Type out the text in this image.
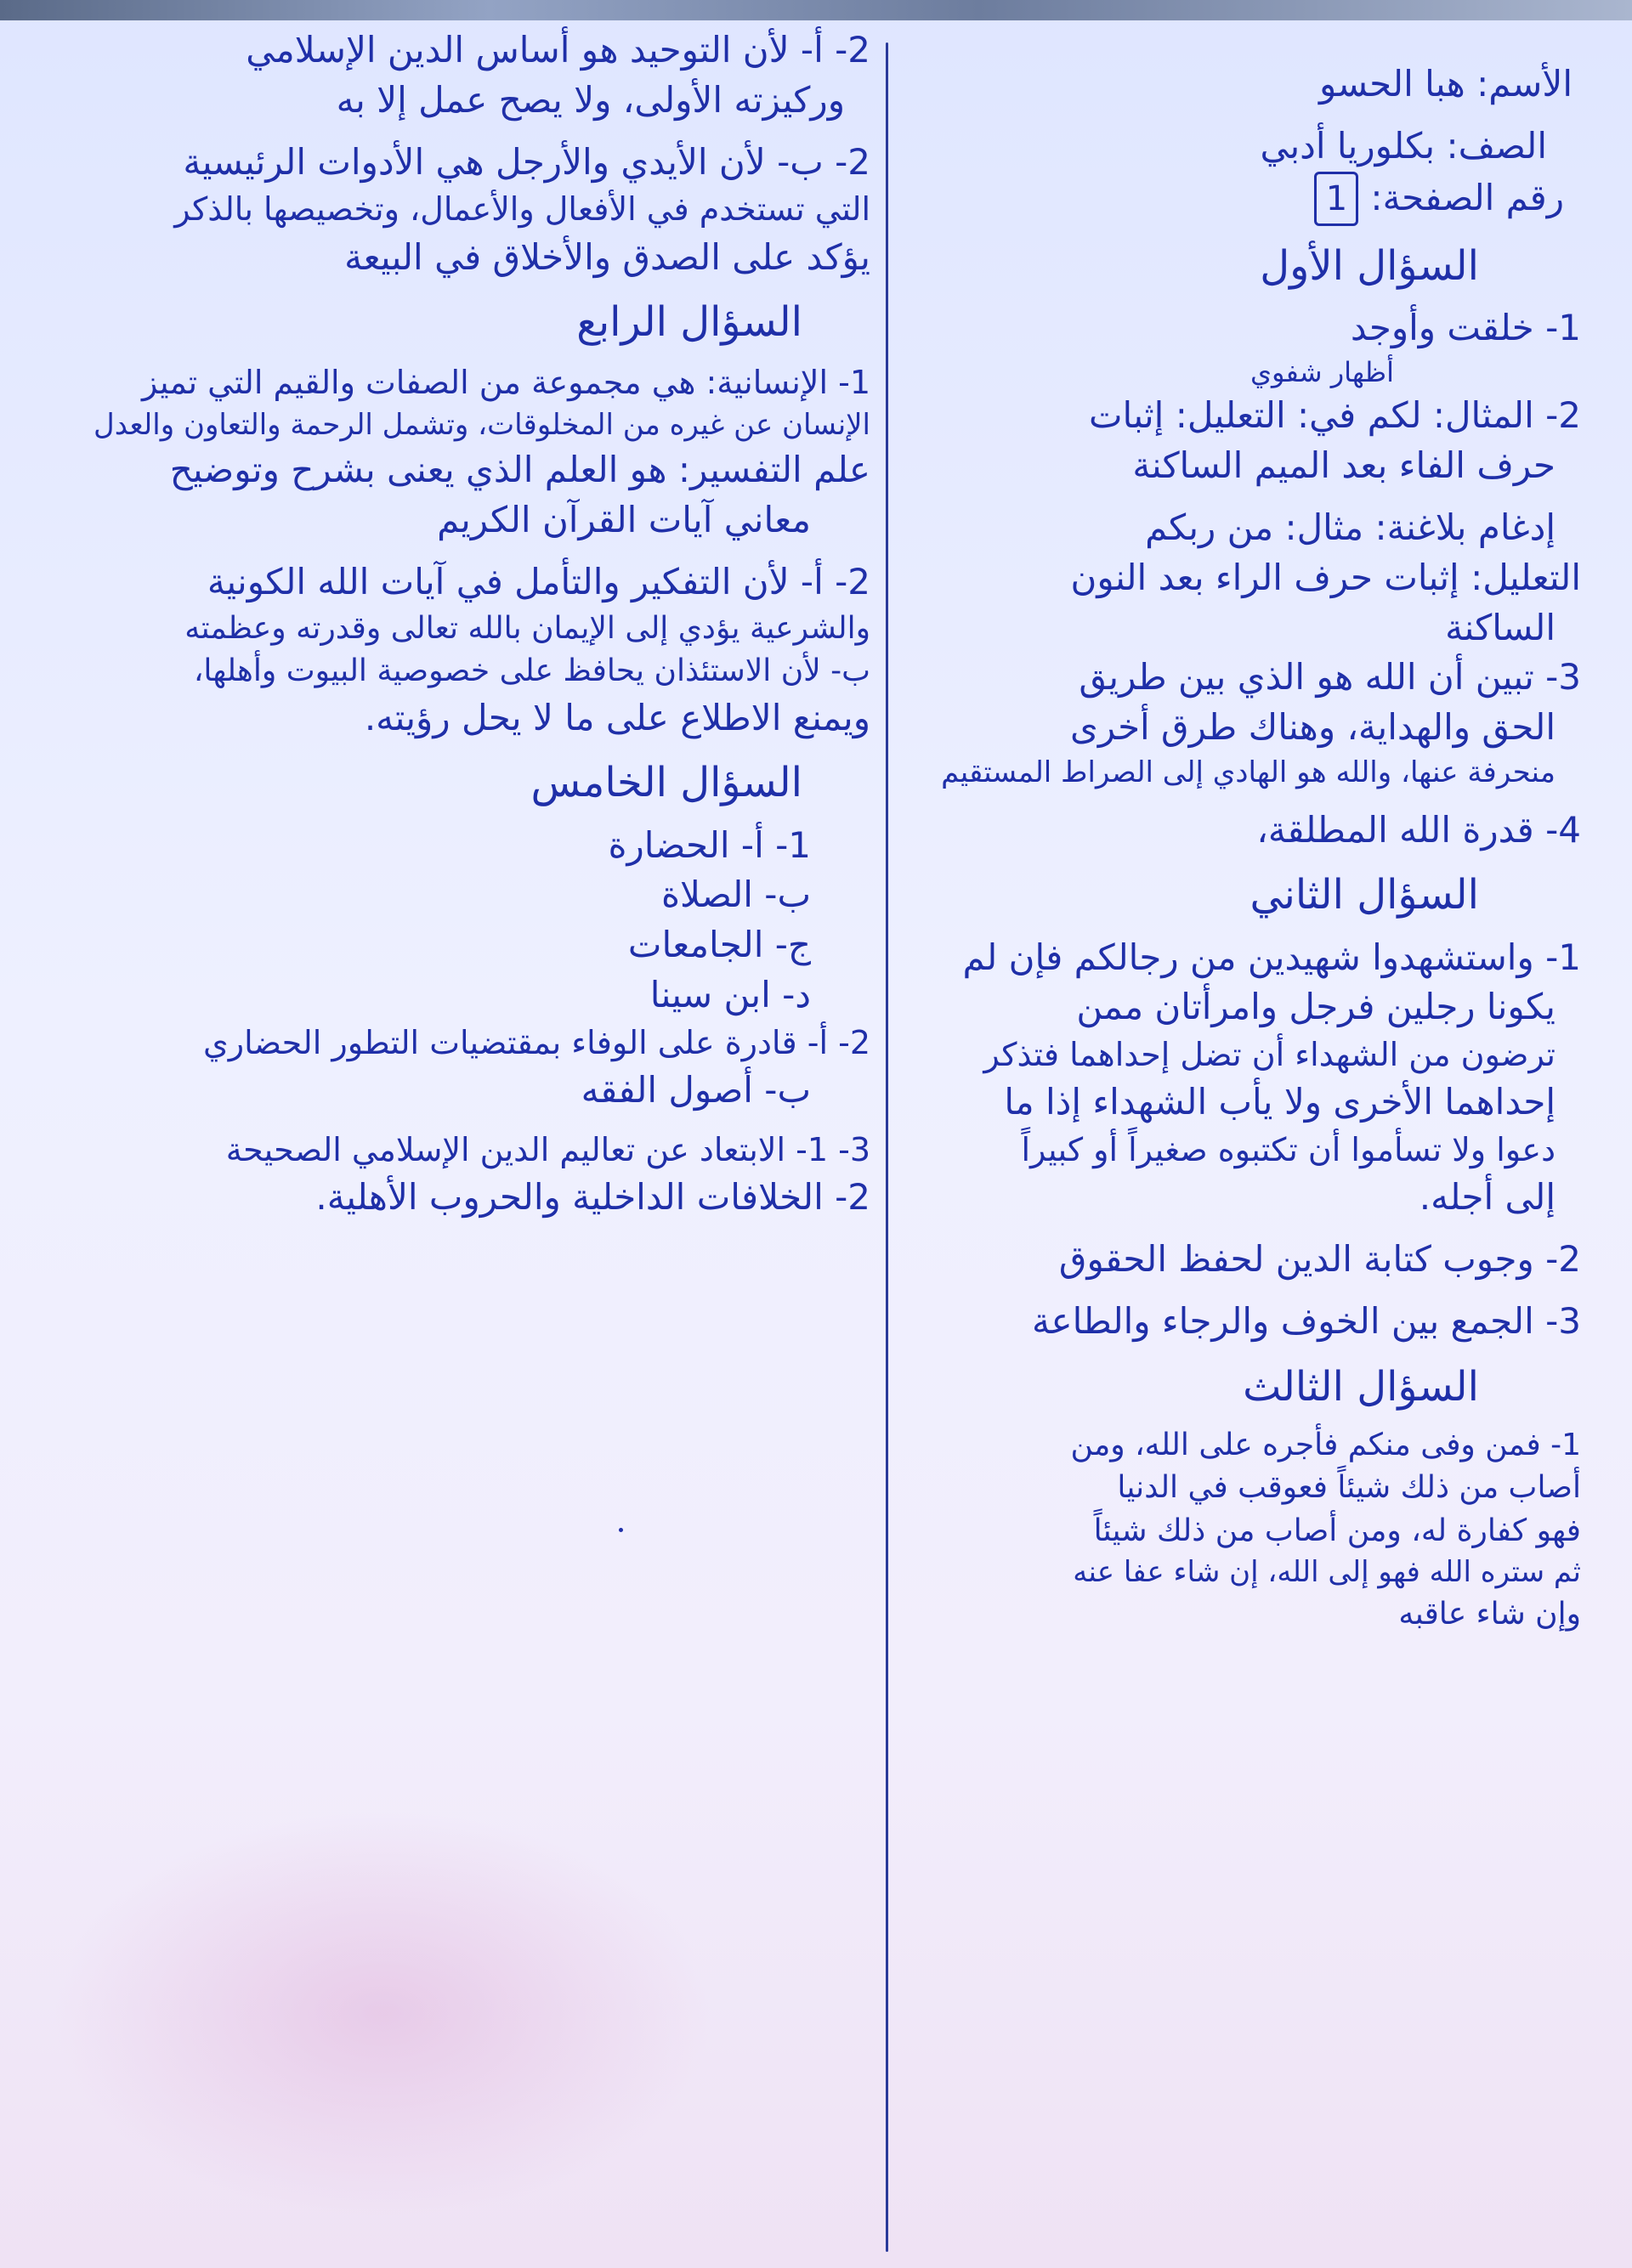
الأسم: هبا الحسو
الصف: بكلوريا أدبي
رقم الصفحة:
1
السؤال الأول
1- خلقت وأوجد
أظهار شفوي
2- المثال: لكم في: التعليل: إثبات
حرف الفاء بعد الميم الساكنة
إدغام بلاغنة: مثال: من ربكم
التعليل: إثبات حرف الراء بعد النون
الساكنة
3- تبين أن الله هو الذي بين طريق
الحق والهداية، وهناك طرق أخرى
منحرفة عنها، والله هو الهادي إلى الصراط المستقيم
4- قدرة الله المطلقة،
السؤال الثاني
1- واستشهدوا شهيدين من رجالكم فإن لم
يكونا رجلين فرجل وامرأتان ممن
ترضون من الشهداء أن تضل إحداهما فتذكر
إحداهما الأخرى ولا يأب الشهداء إذا ما
دعوا ولا تسأموا أن تكتبوه صغيراً أو كبيراً
إلى أجله.
2- وجوب كتابة الدين لحفظ الحقوق
3- الجمع بين الخوف والرجاء والطاعة
السؤال الثالث
1- فمن وفى منكم فأجره على الله، ومن
أصاب من ذلك شيئاً فعوقب في الدنيا
فهو كفارة له، ومن أصاب من ذلك شيئاً
ثم ستره الله فهو إلى الله، إن شاء عفا عنه
وإن شاء عاقبه
2- أ- لأن التوحيد هو أساس الدين الإسلامي
وركيزته الأولى، ولا يصح عمل إلا به
2- ب- لأن الأيدي والأرجل هي الأدوات الرئيسية
التي تستخدم في الأفعال والأعمال، وتخصيصها بالذكر
يؤكد على الصدق والأخلاق في البيعة
السؤال الرابع
1- الإنسانية: هي مجموعة من الصفات والقيم التي تميز
الإنسان عن غيره من المخلوقات، وتشمل الرحمة والتعاون والعدل
علم التفسير: هو العلم الذي يعنى بشرح وتوضيح
معاني آيات القرآن الكريم
2- أ- لأن التفكير والتأمل في آيات الله الكونية
والشرعية يؤدي إلى الإيمان بالله تعالى وقدرته وعظمته
ب- لأن الاستئذان يحافظ على خصوصية البيوت وأهلها،
ويمنع الاطلاع على ما لا يحل رؤيته.
السؤال الخامس
1- أ- الحضارة
ب- الصلاة
ج- الجامعات
د- ابن سينا
2- أ- قادرة على الوفاء بمقتضيات التطور الحضاري
ب- أصول الفقه
3- 1- الابتعاد عن تعاليم الدين الإسلامي الصحيحة
2- الخلافات الداخلية والحروب الأهلية.
